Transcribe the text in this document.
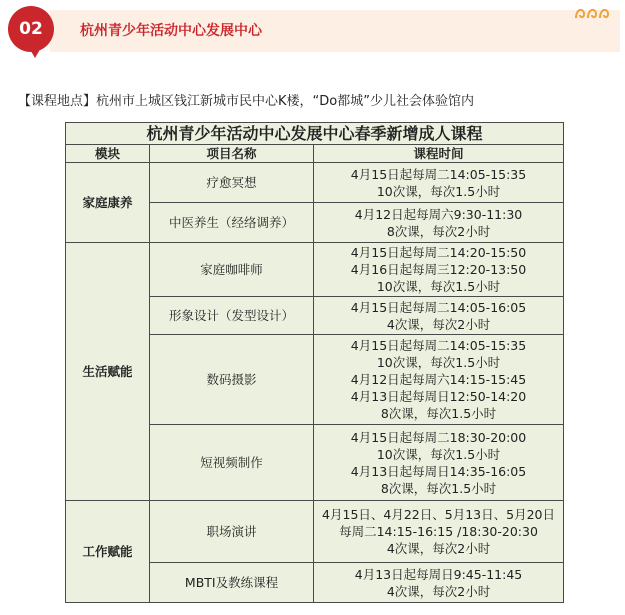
02	杭州青少年活动中心发展中心
【课程地点】杭州市上城区钱江新城市民中心K楼，“Do都城”少儿社会体验馆内
杭州青少年活动中心发展中心春季新增成人课程		
模块	项目名称	课程时间
家庭康养	疗愈冥想	4月15日起每周二14:05-15:35
10次课，每次1.5小时

	中医养生（经络调养）	4月12日起每周六9:30-11:30
8次课，每次2小时

生活赋能	家庭咖啡师	4月15日起每周二14:20-15:50
4月16日起每周三12:20-13:50
10次课，每次1.5小时

	形象设计（发型设计）	4月15日起每周二14:05-16:05
4次课，每次2小时

	数码摄影	4月15日起每周二14:05-15:35
10次课，每次1.5小时
4月12日起每周六14:15-15:45
4月13日起每周日12:50-14:20
8次课，每次1.5小时

	短视频制作	4月15日起每周二18:30-20:00
10次课，每次1.5小时
4月13日起每周日14:35-16:05
8次课，每次1.5小时

工作赋能	职场演讲	4月15日、4月22日、5月13日、5月20日
每周二14:15-16:15 /18:30-20:30
4次课，每次2小时

	MBTI及教练课程	4月13日起每周日9:45-11:45
4次课，每次2小时
